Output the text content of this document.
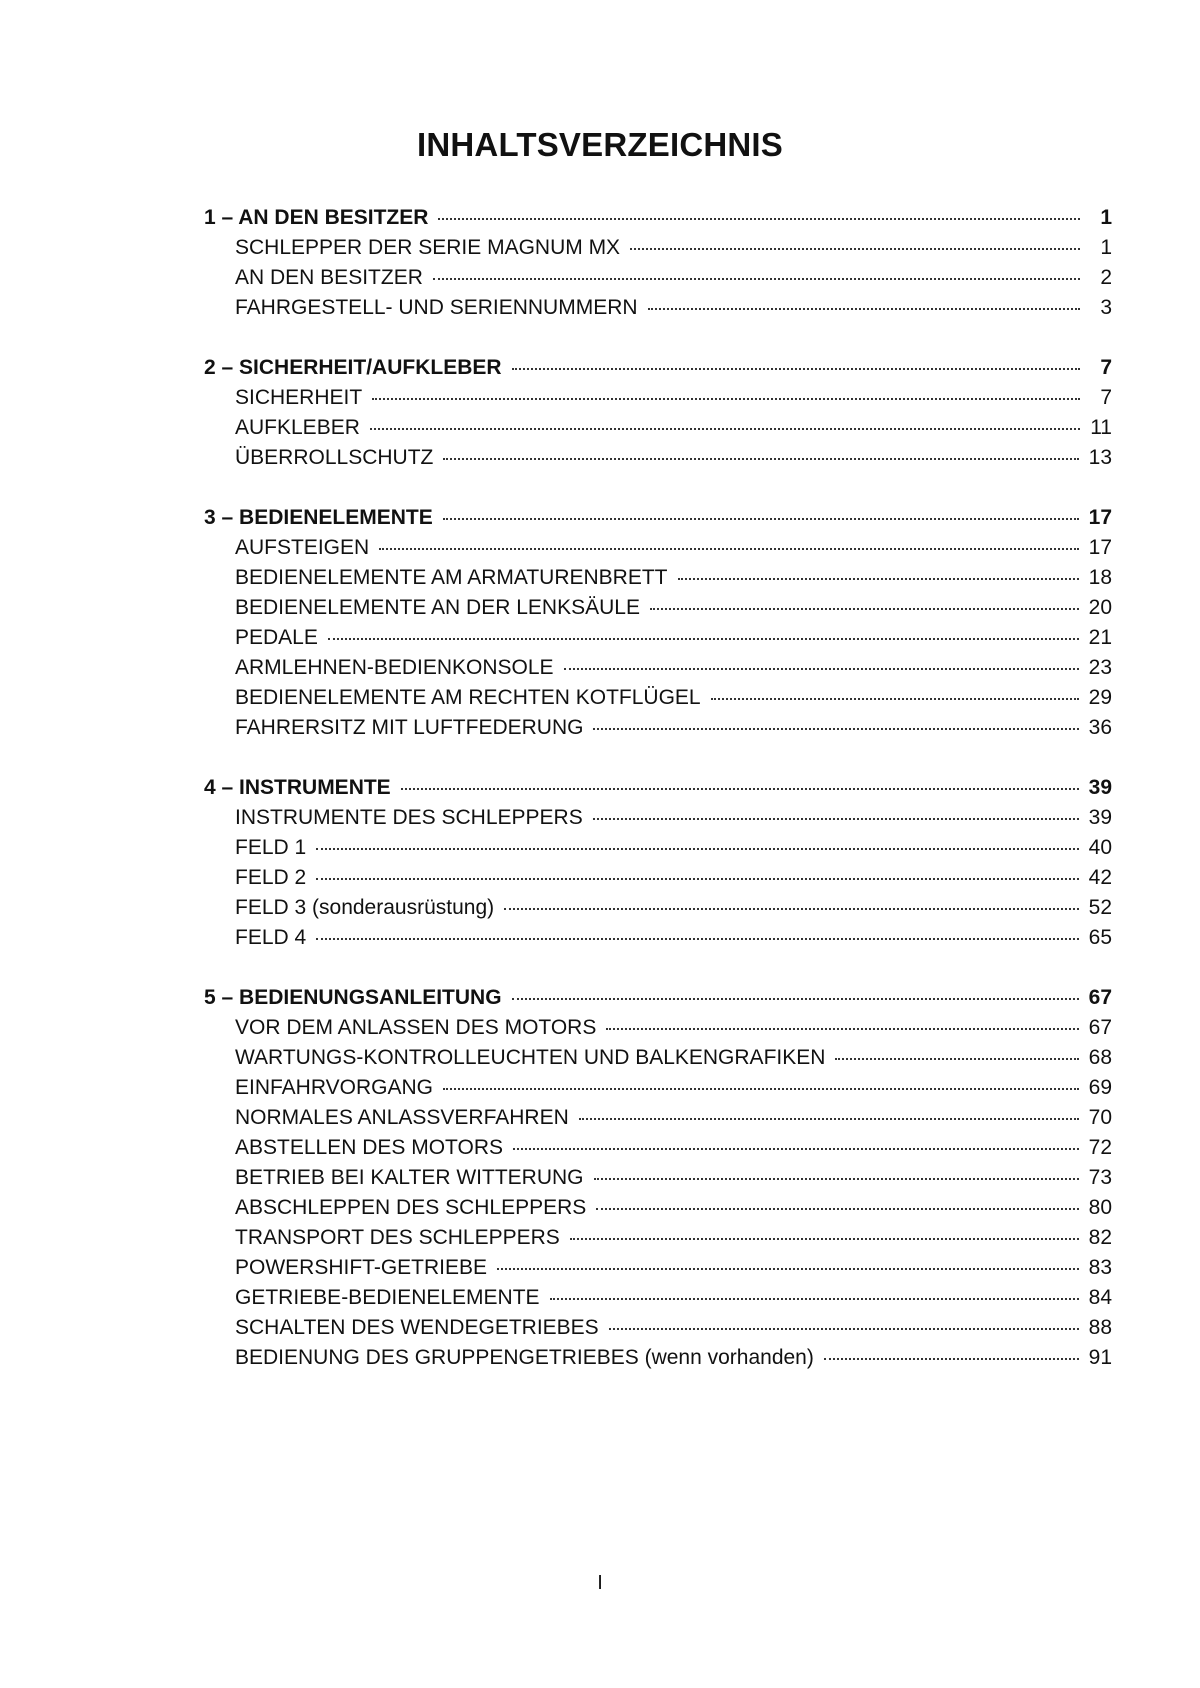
INHALTSVERZEICHNIS
1 – AN DEN BESITZER	1
SCHLEPPER DER SERIE MAGNUM MX	1
AN DEN BESITZER	2
FAHRGESTELL- UND SERIENNUMMERN	3
2 – SICHERHEIT/AUFKLEBER	7
SICHERHEIT	7
AUFKLEBER	11
ÜBERROLLSCHUTZ	13
3 – BEDIENELEMENTE	17
AUFSTEIGEN	17
BEDIENELEMENTE AM ARMATURENBRETT	18
BEDIENELEMENTE AN DER LENKSÄULE	20
PEDALE	21
ARMLEHNEN-BEDIENKONSOLE	23
BEDIENELEMENTE AM RECHTEN KOTFLÜGEL	29
FAHRERSITZ MIT LUFTFEDERUNG	36
4 – INSTRUMENTE	39
INSTRUMENTE DES SCHLEPPERS	39
FELD 1	40
FELD 2	42
FELD 3 (sonderausrüstung)	52
FELD 4	65
5 – BEDIENUNGSANLEITUNG	67
VOR DEM ANLASSEN DES MOTORS	67
WARTUNGS-KONTROLLEUCHTEN UND BALKENGRAFIKEN	68
EINFAHRVORGANG	69
NORMALES ANLASSVERFAHREN	70
ABSTELLEN DES MOTORS	72
BETRIEB BEI KALTER WITTERUNG	73
ABSCHLEPPEN DES SCHLEPPERS	80
TRANSPORT DES SCHLEPPERS	82
POWERSHIFT-GETRIEBE	83
GETRIEBE-BEDIENELEMENTE	84
SCHALTEN DES WENDEGETRIEBES	88
BEDIENUNG DES GRUPPENGETRIEBES (wenn vorhanden)	91
I
